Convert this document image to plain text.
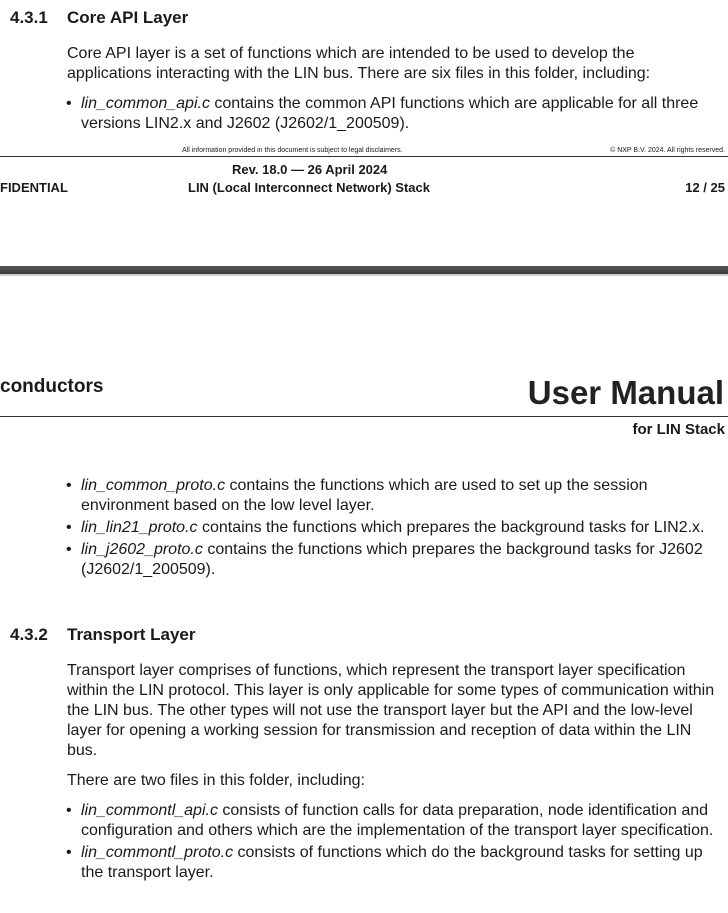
4.3.1 Core API Layer
Core API layer is a set of functions which are intended to be used to develop the applications interacting with the LIN bus. There are six files in this folder, including:
• lin_common_api.c contains the common API functions which are applicable for all three versions LIN2.x and J2602 (J2602/1_200509).
All information provided in this document is subject to legal disclaimers.	© NXP B.V. 2024. All rights reserved.
Rev. 18.0 — 26 April 2024
FIDENTIAL	LIN (Local Interconnect Network) Stack	12 / 25
conductors	User Manual
for LIN Stack
• lin_common_proto.c contains the functions which are used to set up the session environment based on the low level layer.
• lin_lin21_proto.c contains the functions which prepares the background tasks for LIN2.x.
• lin_j2602_proto.c contains the functions which prepares the background tasks for J2602 (J2602/1_200509).
4.3.2 Transport Layer
Transport layer comprises of functions, which represent the transport layer specification within the LIN protocol. This layer is only applicable for some types of communication within the LIN bus. The other types will not use the transport layer but the API and the low-level layer for opening a working session for transmission and reception of data within the LIN bus.
There are two files in this folder, including:
• lin_commontl_api.c consists of function calls for data preparation, node identification and configuration and others which are the implementation of the transport layer specification.
• lin_commontl_proto.c consists of functions which do the background tasks for setting up the transport layer.
